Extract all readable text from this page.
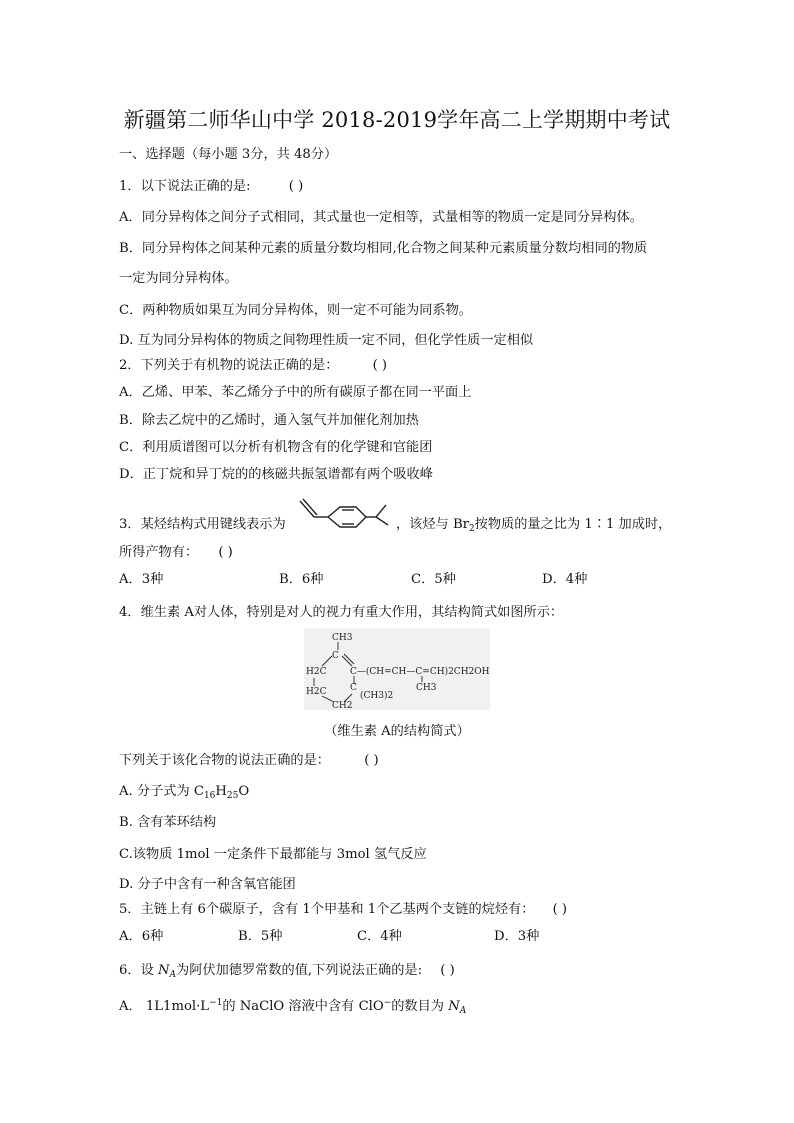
新疆第二师华山中学 2018-2019学年高二上学期期中考试
一、选择题（每小题 3分，共 48分）
1．以下说法正确的是:	( )
A．同分异构体之间分子式相同，其式量也一定相等，式量相等的物质一定是同分异构体。
B．同分异构体之间某种元素的质量分数均相同,化合物之间某种元素质量分数均相同的物质
一定为同分异构体。
C．两种物质如果互为同分异构体，则一定不可能为同系物。
D. 互为同分异构体的物质之间物理性质一定不同，但化学性质一定相似
2．下列关于有机物的说法正确的是：	( )
A．乙烯、甲苯、苯乙烯分子中的所有碳原子都在同一平面上
B．除去乙烷中的乙烯时，通入氢气并加催化剂加热
C．利用质谱图可以分析有机物含有的化学键和官能团
D．正丁烷和异丁烷的的核磁共振氢谱都有两个吸收峰
3．某烃结构式用键线表示为	，该烃与 $Br_2$按物质的量之比为 1∶1 加成时，
所得产物有： ( )
A．3种	B．6种	C．5种	D．4种
4．维生素 A对人体，特别是对人的视力有重大作用，其结构简式如图所示：
CH3
H2C
C
C—(CH=CH—C=CH)2CH2OH
H2C	C
(CH3)2
CH3
CH2
（维生素 A的结构简式）
下列关于该化合物的说法正确的是：	( )
A. 分子式为 $C_{16}H_{25}O$
B. 含有苯环结构
C.该物质 1mol 一定条件下最都能与 3mol 氢气反应
D. 分子中含有一种含氧官能团
5．主链上有 6个碳原子，含有 1个甲基和 1个乙基两个支链的烷烃有： ( )
A．6种	B．5种	C．4种	D．3种
6．设 $N_A$为阿伏加德罗常数的值,下列说法正确的是: ( )
A． $1L1mol\cdot L^{-1}$的 NaClO 溶液中含有 ClO−的数目为 $N_A$
